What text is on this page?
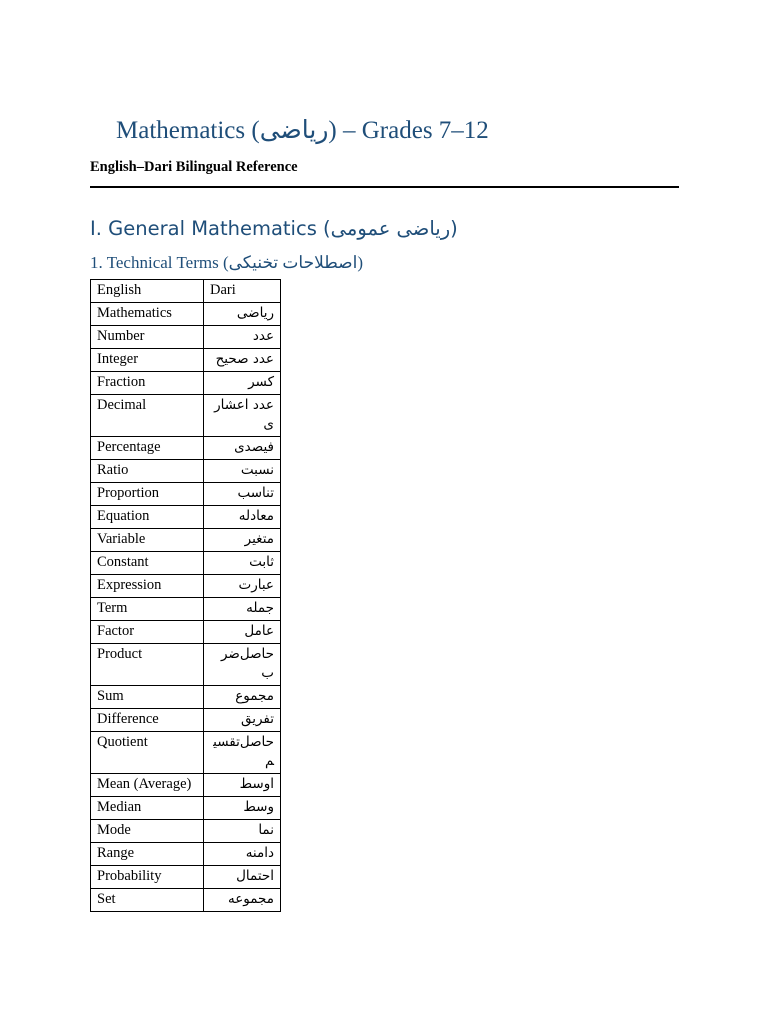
Mathematics (ریاضی) – Grades 7–12

English–Dari Bilingual Reference

I. General Mathematics (ریاضی عمومی)
1. Technical Terms (اصطلاحات تخنیکی)
English	Dari
Mathematics	ریاضی
Number	عدد
Integer	عدد صحیح
Fraction	کسر
Decimal	عدد اعشاری
Percentage	فیصدی
Ratio	نسبت
Proportion	تناسب
Equation	معادله
Variable	متغیر
Constant	ثابت
Expression	عبارت
Term	جمله
Factor	عامل
Product	حاصل‌ضرب
Sum	مجموع
Difference	تفریق
Quotient	حاصل‌تقسیم
Mean (Average)	اوسط
Median	وسط
Mode	نما
Range	دامنه
Probability	احتمال
Set	مجموعه
